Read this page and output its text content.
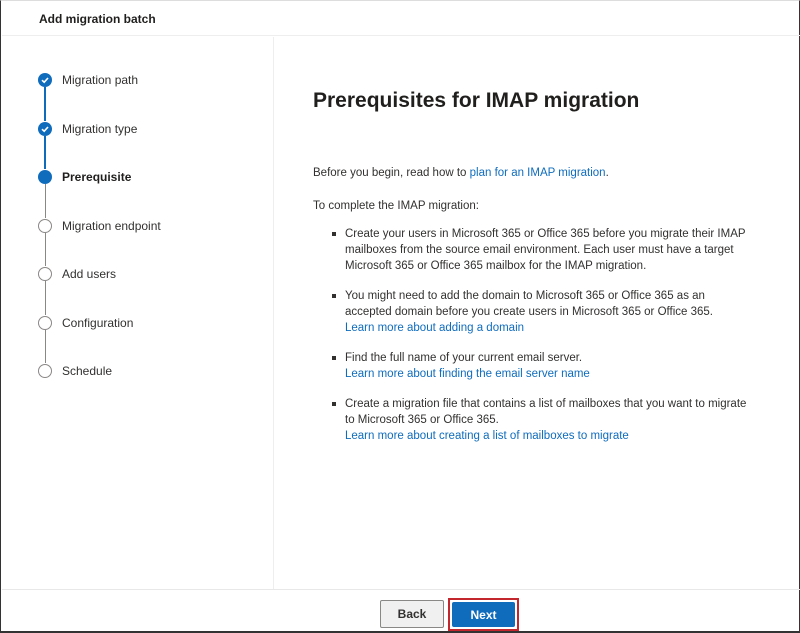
Add migration batch
Migration path
Migration type
Prerequisite
Migration endpoint
Add users
Configuration
Schedule
Prerequisites for IMAP migration
Before you begin, read how to plan for an IMAP migration.
To complete the IMAP migration:
Create your users in Microsoft 365 or Office 365 before you migrate their IMAP mailboxes from the source email environment. Each user must have a target Microsoft 365 or Office 365 mailbox for the IMAP migration.
You might need to add the domain to Microsoft 365 or Office 365 as an accepted domain before you create users in Microsoft 365 or Office 365.
Learn more about adding a domain
Find the full name of your current email server.
Learn more about finding the email server name
Create a migration file that contains a list of mailboxes that you want to migrate to Microsoft 365 or Office 365.
Learn more about creating a list of mailboxes to migrate
Back	Next
